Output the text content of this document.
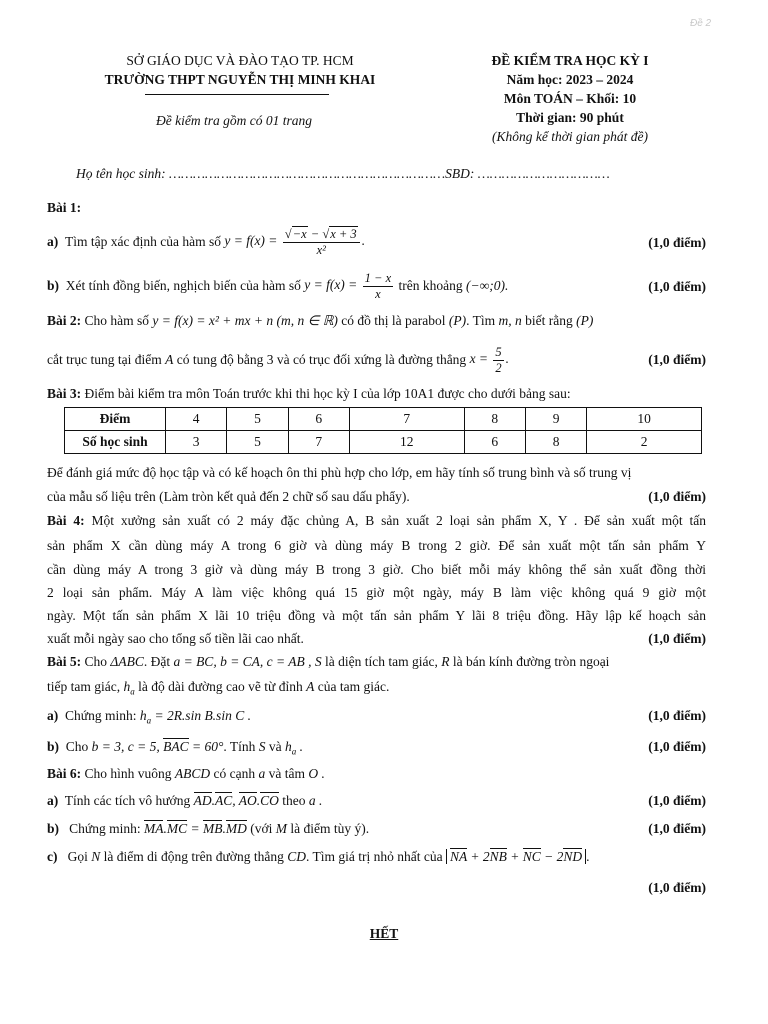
Đề 2
SỞ GIÁO DỤC VÀ ĐÀO TẠO TP. HCM
TRƯỜNG THPT NGUYỄN THỊ MINH KHAI
Đề kiểm tra gồm có 01 trang
ĐỀ KIỂM TRA HỌC KỲ I
Năm học: 2023 – 2024
Môn TOÁN – Khối: 10
Thời gian: 90 phút
(Không kể thời gian phát đề)
Họ tên học sinh: ……………………………………………………………SBD: ……………………………
Bài 1:
a)
Tìm tập xác định của hàm số
$y = f(x) = \frac{√-x - √x + 3}{\text{x²}}$ .	(1,0 điểm)
b)
Xét tính đồng biến, nghịch biến của hàm số
$y = f(x) = \frac{1 - x}{x}$
trên khoảng
(−∞;0).	(1,0 điểm)
Bài 2: Cho hàm số y = f(x) = x² + mx + n (m, n ∈ ℝ) có đồ thị là parabol (P). Tìm m, n biết rằng (P)
cắt trục tung tại điểm
A
có tung độ bằng 3 và có trục đối xứng là đường thẳng
$x = \frac{5}{2}$ .	(1,0 điểm)
Bài 3: Điểm bài kiểm tra môn Toán trước khi thi học kỳ I của lớp 10A1 được cho dưới bảng sau:
Điểm	4	5	6	7	8	9	10
Số học sinh	3	5	7	12	6	8	2
Để đánh giá mức độ học tập và có kế hoạch ôn thi phù hợp cho lớp, em hãy tính số trung bình và số trung vị
của mẫu số liệu trên (Làm tròn kết quả đến 2 chữ số sau dấu phẩy).	(1,0 điểm)
Bài 4: Một xưởng sản xuất có 2 máy đặc chủng A, B sản xuất 2 loại sản phẩm X, Y . Để sản xuất một tấn
sản phẩm X cần dùng máy A trong 6 giờ và dùng máy B trong 2 giờ. Để sản xuất một tấn sản phẩm Y
cần dùng máy A trong 3 giờ và dùng máy B trong 3 giờ. Cho biết mỗi máy không thể sản xuất đồng thời
2 loại sản phẩm. Máy A làm việc không quá 15 giờ một ngày, máy B làm việc không quá 9 giờ một
ngày. Một tấn sản phẩm X lãi 10 triệu đồng và một tấn sản phẩm Y lãi 8 triệu đồng. Hãy lập kế hoạch sản
xuất mỗi ngày sao cho tổng số tiền lãi cao nhất.	(1,0 điểm)
Bài 5: Cho ΔABC. Đặt a = BC, b = CA, c = AB , S là diện tích tam giác, R là bán kính đường tròn ngoại
tiếp tam giác, $h_a$ là độ dài đường cao vẽ từ đỉnh A của tam giác.
a) Chứng minh: $h_a = 2R.\sin$ B.sin C .	(1,0 điểm)
b) Cho b = 3, c = 5, BAC = 60°. Tính S và $h_a$ .	(1,0 điểm)
Bài 6: Cho hình vuông ABCD có cạnh a và tâm O .
a) Tính các tích vô hướng AD.AC, AO.CO theo a .	(1,0 điểm)
b) Chứng minh: MA.MC = MB.MD (với M là điểm tùy ý).	(1,0 điểm)
c) Gọi N là điểm di động trên đường thẳng CD. Tìm giá trị nhỏ nhất của NA + 2NB + NC − 2ND .
(1,0 điểm)
HẾT
